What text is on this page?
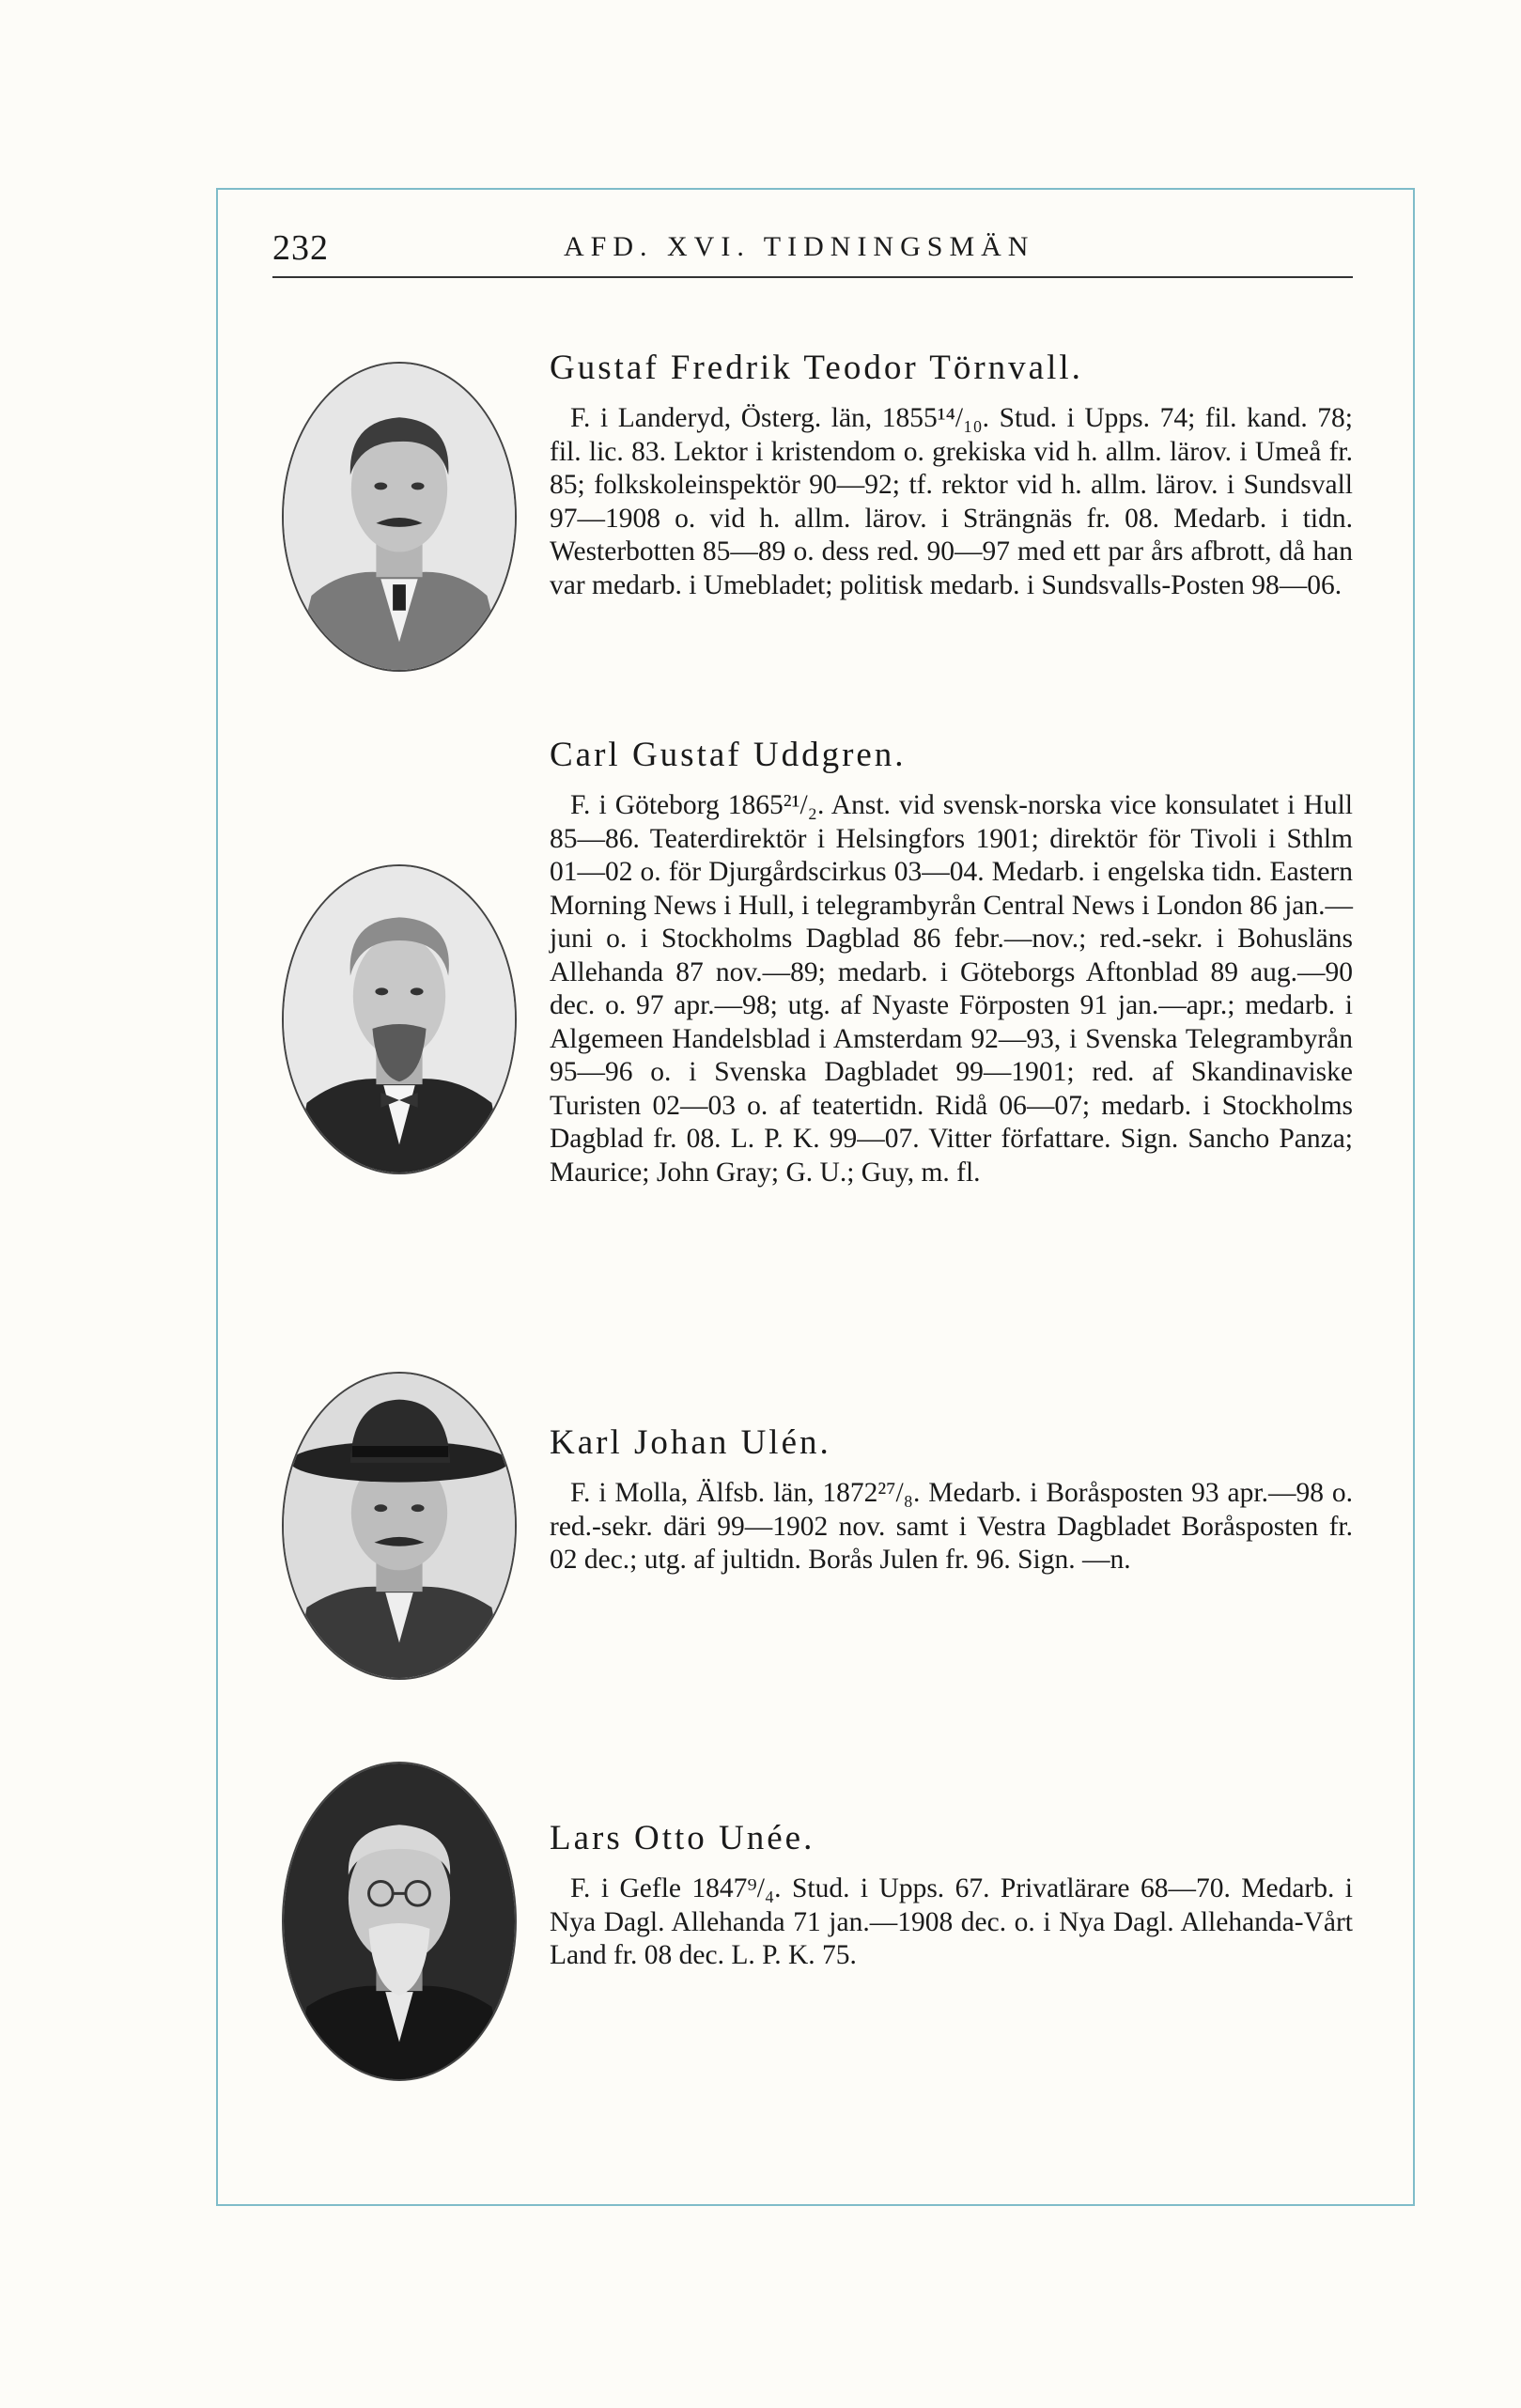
232	AFD. XVI. TIDNINGSMÄN

Gustaf Fredrik Teodor Törnvall.

F. i Landeryd, Österg. län, 1855¹⁴/₁₀. Stud. i Upps. 74; fil. kand. 78; fil. lic. 83. Lektor i kristendom o. grekiska vid h. allm. lärov. i Umeå fr. 85; folkskoleinspektör 90—92; tf. rektor vid h. allm. lärov. i Sundsvall 97—1908 o. vid h. allm. lärov. i Strängnäs fr. 08. Medarb. i tidn. Westerbotten 85—89 o. dess red. 90—97 med ett par års afbrott, då han var medarb. i Umebladet; politisk medarb. i Sundsvalls-Posten 98—06.

Carl Gustaf Uddgren.

F. i Göteborg 1865²¹/₂. Anst. vid svensk-norska vice konsulatet i Hull 85—86. Teaterdirektör i Helsingfors 1901; direktör för Tivoli i Sthlm 01—02 o. för Djurgårdscirkus 03—04. Medarb. i engelska tidn. Eastern Morning News i Hull, i telegrambyrån Central News i London 86 jan.—juni o. i Stockholms Dagblad 86 febr.—nov.; red.-sekr. i Bohusläns Allehanda 87 nov.—89; medarb. i Göteborgs Aftonblad 89 aug.—90 dec. o. 97 apr.—98; utg. af Nyaste Förposten 91 jan.—apr.; medarb. i Algemeen Handelsblad i Amsterdam 92—93, i Svenska Telegrambyrån 95—96 o. i Svenska Dagbladet 99—1901; red. af Skandinaviske Turisten 02—03 o. af teatertidn. Ridå 06—07; medarb. i Stockholms Dagblad fr. 08. L. P. K. 99—07. Vitter författare. Sign. Sancho Panza; Maurice; John Gray; G. U.; Guy, m. fl.

Karl Johan Ulén.

F. i Molla, Älfsb. län, 1872²⁷/₈. Medarb. i Boråsposten 93 apr.—98 o. red.-sekr. däri 99—1902 nov. samt i Vestra Dagbladet Boråsposten fr. 02 dec.; utg. af jultidn. Borås Julen fr. 96. Sign. —n.

Lars Otto Unée.

F. i Gefle 1847⁹/₄. Stud. i Upps. 67. Privatlärare 68—70. Medarb. i Nya Dagl. Allehanda 71 jan.—1908 dec. o. i Nya Dagl. Allehanda-Vårt Land fr. 08 dec. L. P. K. 75.
